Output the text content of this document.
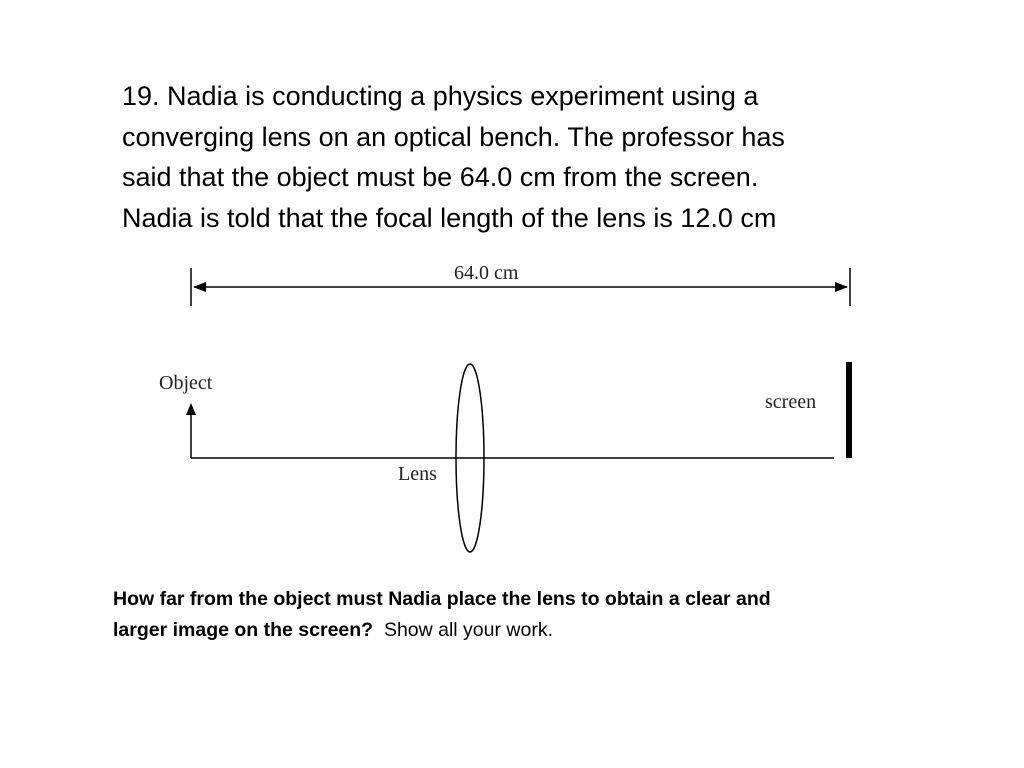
19. Nadia is conducting a physics experiment using a
converging lens on an optical bench. The professor has
said that the object must be 64.0 cm from the screen.
Nadia is told that the focal length of the lens is 12.0 cm
64.0 cm
Object
Lens
screen
How far from the object must Nadia place the lens to obtain a clear and
larger image on the screen? Show all your work.
